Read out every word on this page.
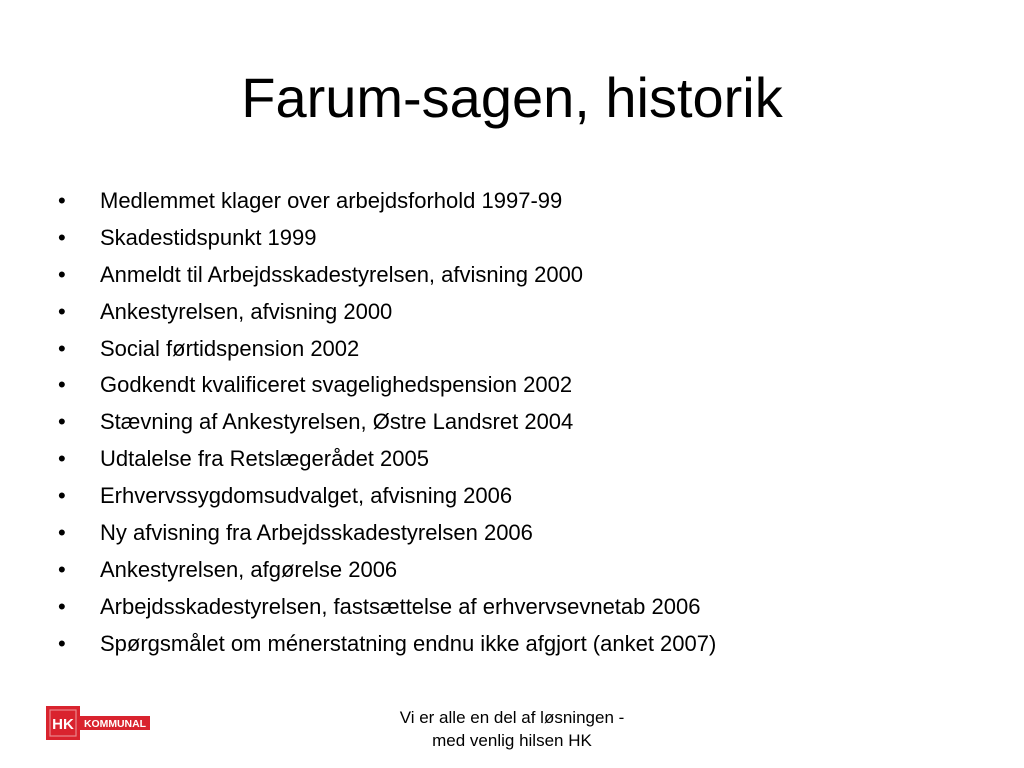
Farum-sagen, historik
•	Medlemmet klager over arbejdsforhold 1997-99
•	Skadestidspunkt 1999
•	Anmeldt til Arbejdsskadestyrelsen, afvisning 2000
•	Ankestyrelsen, afvisning 2000
•	Social førtidspension 2002
•	Godkendt kvalificeret svagelighedspension 2002
•	Stævning af Ankestyrelsen, Østre Landsret 2004
•	Udtalelse fra Retslægerådet 2005
•	Erhvervssygdomsudvalget, afvisning 2006
•	Ny afvisning fra Arbejdsskadestyrelsen 2006
•	Ankestyrelsen, afgørelse 2006
•	Arbejdsskadestyrelsen, fastsættelse af erhvervsevnetab 2006
•	Spørgsmålet om ménerstatning endnu ikke afgjort (anket 2007)
HK KOMMUNAL	Vi er alle en del af løsningen -
med venlig hilsen HK
